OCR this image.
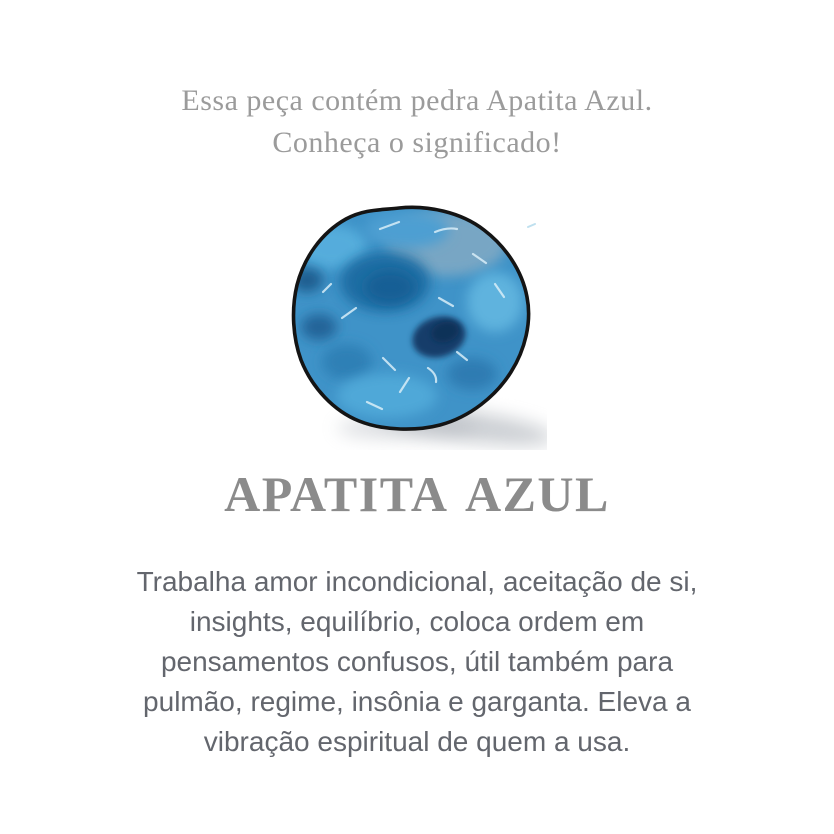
Essa peça contém pedra Apatita Azul.
Conheça o significado!
APATITA AZUL
Trabalha amor incondicional, aceitação de si,
insights, equilíbrio, coloca ordem em
pensamentos confusos, útil também para
pulmão, regime, insônia e garganta. Eleva a
vibração espiritual de quem a usa.
